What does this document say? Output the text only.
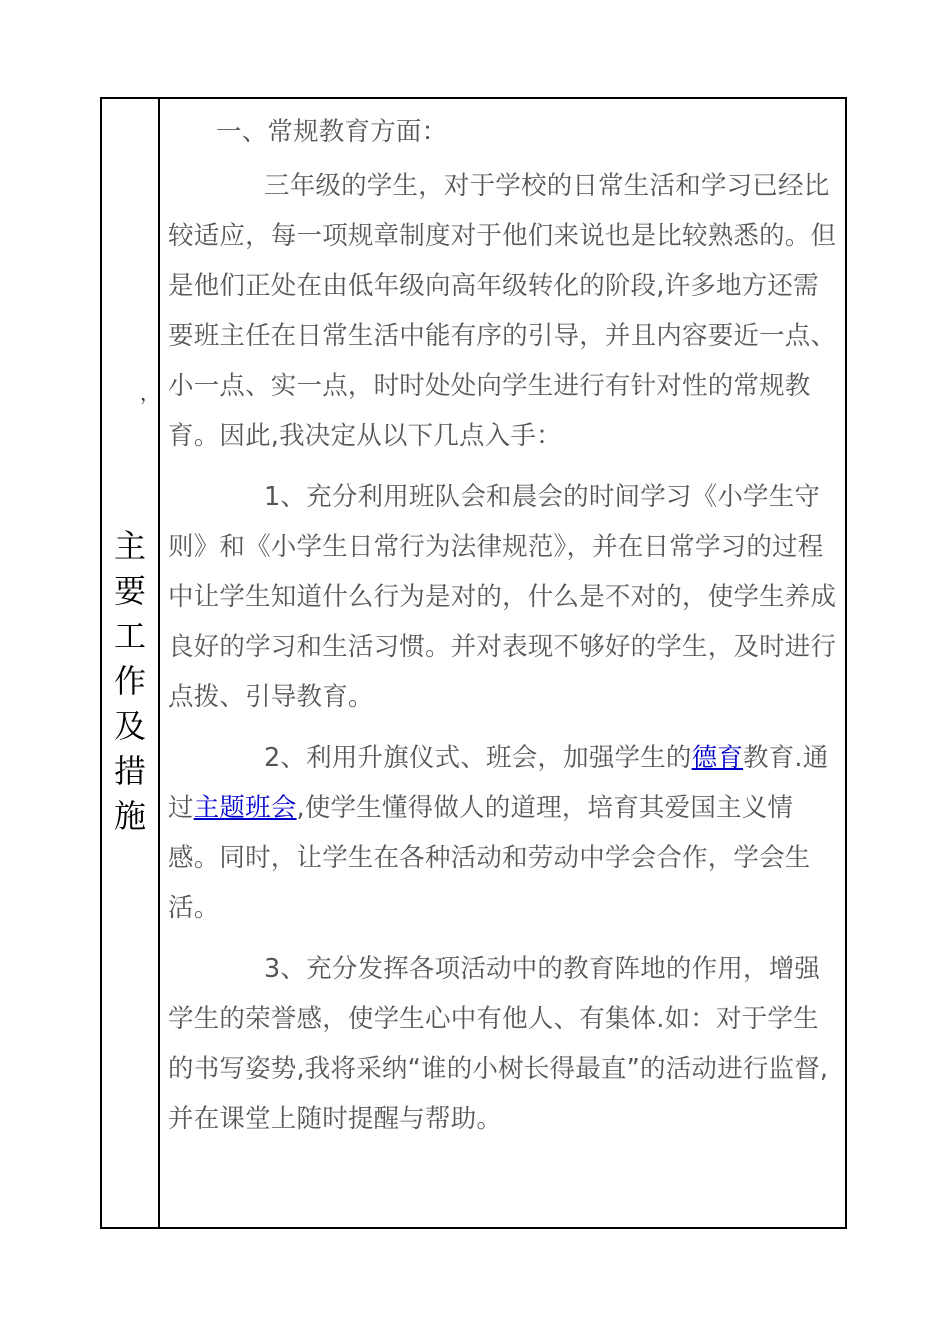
，
主
要
工
作
及
措
施

一、常规教育方面：

三年级的学生，对于学校的日常生活和学习已经比较适应，每一项规章制度对于他们来说也是比较熟悉的。但是他们正处在由低年级向高年级转化的阶段,许多地方还需要班主任在日常生活中能有序的引导，并且内容要近一点、小一点、实一点，时时处处向学生进行有针对性的常规教育。因此,我决定从以下几点入手：

1、充分利用班队会和晨会的时间学习《小学生守则》和《小学生日常行为法律规范》，并在日常学习的过程中让学生知道什么行为是对的，什么是不对的，使学生养成良好的学习和生活习惯。并对表现不够好的学生，及时进行点拨、引导教育。

2、利用升旗仪式、班会，加强学生的德育教育.通过主题班会,使学生懂得做人的道理，培育其爱国主义情感。同时，让学生在各种活动和劳动中学会合作，学会生活。

3、充分发挥各项活动中的教育阵地的作用，增强学生的荣誉感，使学生心中有他人、有集体.如：对于学生的书写姿势,我将采纳“谁的小树长得最直”的活动进行监督,并在课堂上随时提醒与帮助。
